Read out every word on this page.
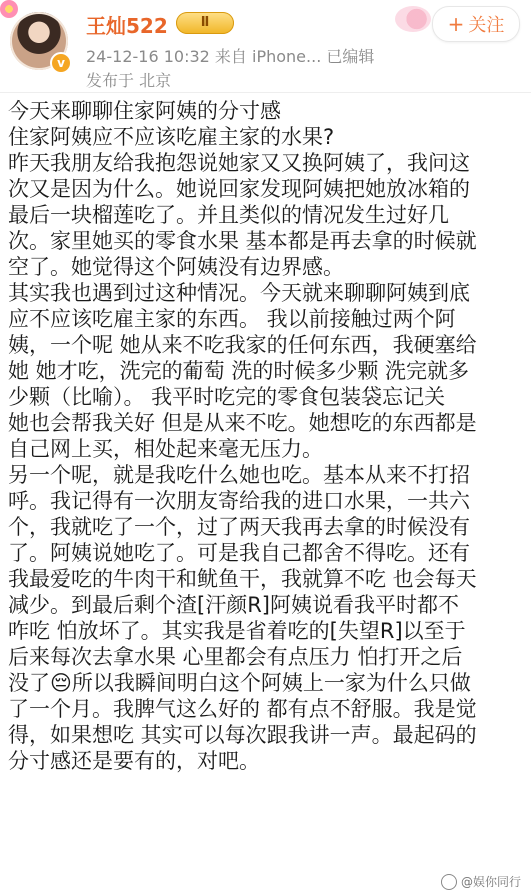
v
王灿522	Ⅱ
24-12-16 10:32 来自 iPhone... 已编辑
发布于 北京
+ 关注
今天来聊聊住家阿姨的分寸感
住家阿姨应不应该吃雇主家的水果?
昨天我朋友给我抱怨说她家又又换阿姨了，我问这
次又是因为什么。她说回家发现阿姨把她放冰箱的
最后一块榴莲吃了。并且类似的情况发生过好几
次。家里她买的零食水果 基本都是再去拿的时候就
空了。她觉得这个阿姨没有边界感。
其实我也遇到过这种情况。今天就来聊聊阿姨到底
应不应该吃雇主家的东西。 我以前接触过两个阿
姨，一个呢 她从来不吃我家的任何东西，我硬塞给
她 她才吃，洗完的葡萄 洗的时候多少颗 洗完就多
少颗（比喻）。 我平时吃完的零食包装袋忘记关
她也会帮我关好 但是从来不吃。她想吃的东西都是
自己网上买，相处起来毫无压力。
另一个呢，就是我吃什么她也吃。基本从来不打招
呼。我记得有一次朋友寄给我的进口水果，一共六
个，我就吃了一个，过了两天我再去拿的时候没有
了。阿姨说她吃了。可是我自己都舍不得吃。还有
我最爱吃的牛肉干和鱿鱼干，我就算不吃 也会每天
减少。到最后剩个渣[汗颜R]阿姨说看我平时都不
咋吃 怕放坏了。其实我是省着吃的[失望R]以至于
后来每次去拿水果 心里都会有点压力 怕打开之后
没了😔所以我瞬间明白这个阿姨上一家为什么只做
了一个月。我脾气这么好的 都有点不舒服。我是觉
得，如果想吃 其实可以每次跟我讲一声。最起码的
分寸感还是要有的，对吧。
@娱你同行
